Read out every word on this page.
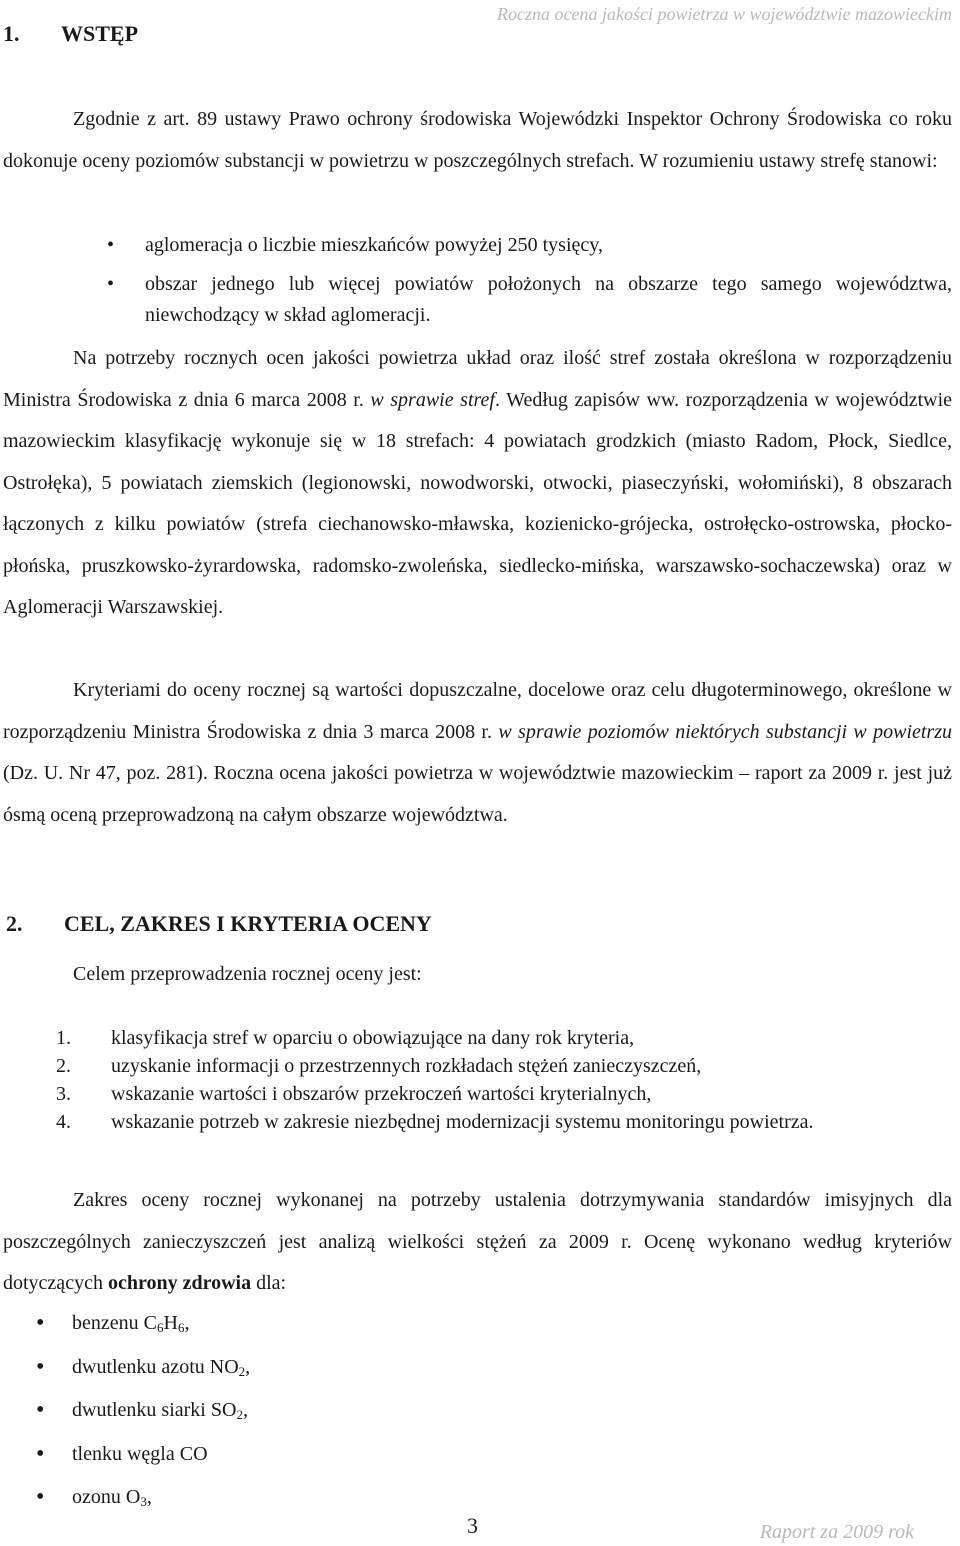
1. WSTĘP
Roczna ocena jakości powietrza w województwie mazowieckim

Zgodnie z art. 89 ustawy Prawo ochrony środowiska Wojewódzki Inspektor Ochrony Środowiska co roku dokonuje oceny poziomów substancji w powietrzu w poszczególnych strefach. W rozumieniu ustawy strefę stanowi:

• aglomeracja o liczbie mieszkańców powyżej 250 tysięcy,
• obszar jednego lub więcej powiatów położonych na obszarze tego samego województwa, niewchodzący w skład aglomeracji.

Na potrzeby rocznych ocen jakości powietrza układ oraz ilość stref została określona w rozporządzeniu Ministra Środowiska z dnia 6 marca 2008 r. w sprawie stref. Według zapisów ww. rozporządzenia w województwie mazowieckim klasyfikację wykonuje się w 18 strefach: 4 powiatach grodzkich (miasto Radom, Płock, Siedlce, Ostrołęka), 5 powiatach ziemskich (legionowski, nowodworski, otwocki, piaseczyński, wołomiński), 8 obszarach łączonych z kilku powiatów (strefa ciechanowsko-mławska, kozienicko-grójecka, ostrołęcko-ostrowska, płocko-płońska, pruszkowsko-żyrardowska, radomsko-zwoleńska, siedlecko-mińska, warszawsko-sochaczewska) oraz w Aglomeracji Warszawskiej.

Kryteriami do oceny rocznej są wartości dopuszczalne, docelowe oraz celu długoterminowego, określone w rozporządzeniu Ministra Środowiska z dnia 3 marca 2008 r. w sprawie poziomów niektórych substancji w powietrzu (Dz. U. Nr 47, poz. 281). Roczna ocena jakości powietrza w województwie mazowieckim – raport za 2009 r. jest już ósmą oceną przeprowadzoną na całym obszarze województwa.

2. CEL, ZAKRES I KRYTERIA OCENY
Celem przeprowadzenia rocznej oceny jest:
1. klasyfikacja stref w oparciu o obowiązujące na dany rok kryteria,
2. uzyskanie informacji o przestrzennych rozkładach stężeń zanieczyszczeń,
3. wskazanie wartości i obszarów przekroczeń wartości kryterialnych,
4. wskazanie potrzeb w zakresie niezbędnej modernizacji systemu monitoringu powietrza.

Zakres oceny rocznej wykonanej na potrzeby ustalenia dotrzymywania standardów imisyjnych dla poszczególnych zanieczyszczeń jest analizą wielkości stężeń za 2009 r. Ocenę wykonano według kryteriów dotyczących ochrony zdrowia dla:

• benzenu $C_6H_6$,
• dwutlenku azotu $NO_2$,
• dwutlenku siarki $SO_2$,
• tlenku węgla CO
• ozonu $O_3$,
3	Raport za 2009 rok
